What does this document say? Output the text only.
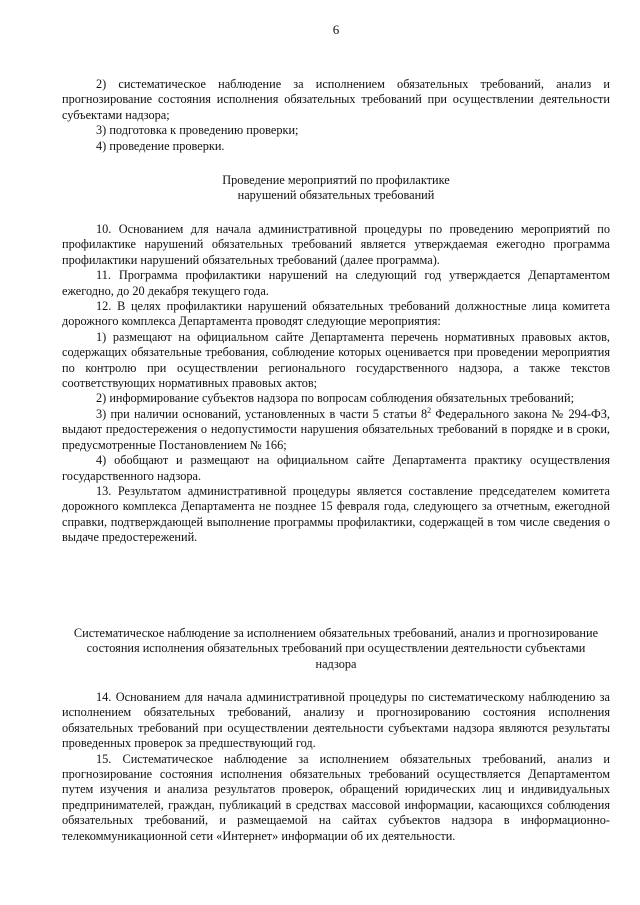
6

2) систематическое наблюдение за исполнением обязательных требований, анализ и прогнозирование состояния исполнения обязательных требований при осуществлении деятельности субъектами надзора;

3) подготовка к проведению проверки;

4) проведение проверки.

Проведение мероприятий по профилактике нарушений обязательных требований

10. Основанием для начала административной процедуры по проведению мероприятий по профилактике нарушений обязательных требований является утверждаемая ежегодно программа профилактики нарушений обязательных требований (далее программа).

11. Программа профилактики нарушений на следующий год утверждается Департаментом ежегодно, до 20 декабря текущего года.

12. В целях профилактики нарушений обязательных требований должностные лица комитета дорожного комплекса Департамента проводят следующие мероприятия:

1) размещают на официальном сайте Департамента перечень нормативных правовых актов, содержащих обязательные требования, соблюдение которых оценивается при проведении мероприятия по контролю при осуществлении регионального государственного надзора, а также текстов соответствующих нормативных правовых актов;

2) информирование субъектов надзора по вопросам соблюдения обязательных требований;

3) при наличии оснований, установленных в части 5 статьи $8^2$ Федерального закона № 294-ФЗ, выдают предостережения о недопустимости нарушения обязательных требований в порядке и в сроки, предусмотренные Постановлением № 166;

4) обобщают и размещают на официальном сайте Департамента практику осуществления государственного надзора.

13. Результатом административной процедуры является составление председателем комитета дорожного комплекса Департамента не позднее 15 февраля года, следующего за отчетным, ежегодной справки, подтверждающей выполнение программы профилактики, содержащей в том числе сведения о выдаче предостережений.

Систематическое наблюдение за исполнением обязательных требований, анализ и прогнозирование состояния исполнения обязательных требований при осуществлении деятельности субъектами надзора

14. Основанием для начала административной процедуры по систематическому наблюдению за исполнением обязательных требований, анализу и прогнозированию состояния исполнения обязательных требований при осуществлении деятельности субъектами надзора являются результаты проведенных проверок за предшествующий год.

15. Систематическое наблюдение за исполнением обязательных требований, анализ и прогнозирование состояния исполнения обязательных требований осуществляется Департаментом путем изучения и анализа результатов проверок, обращений юридических лиц и индивидуальных предпринимателей, граждан, публикаций в средствах массовой информации, касающихся соблюдения обязательных требований, и размещаемой на сайтах субъектов надзора в информационно-телекоммуникационной сети «Интернет» информации об их деятельности.
